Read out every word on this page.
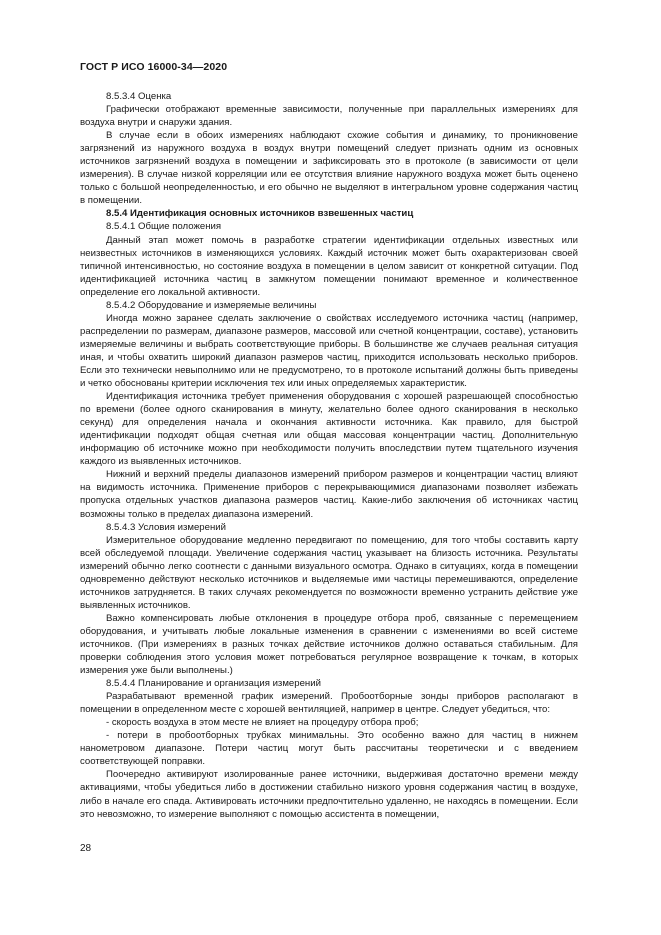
ГОСТ Р ИСО 16000-34—2020

8.5.3.4 Оценка

Графически отображают временные зависимости, полученные при параллельных измерениях для воздуха внутри и снаружи здания.

В случае если в обоих измерениях наблюдают схожие события и динамику, то проникновение загрязнений из наружного воздуха в воздух внутри помещений следует признать одним из основных источников загрязнений воздуха в помещении и зафиксировать это в протоколе (в зависимости от цели измерения). В случае низкой корреляции или ее отсутствия влияние наружного воздуха может быть оценено только с большой неопределенностью, и его обычно не выделяют в интегральном уровне содержания частиц в помещении.

8.5.4 Идентификация основных источников взвешенных частиц

8.5.4.1 Общие положения

Данный этап может помочь в разработке стратегии идентификации отдельных известных или неизвестных источников в изменяющихся условиях. Каждый источник может быть охарактеризован своей типичной интенсивностью, но состояние воздуха в помещении в целом зависит от конкретной ситуации. Под идентификацией источника частиц в замкнутом помещении понимают временное и количественное определение его локальной активности.

8.5.4.2 Оборудование и измеряемые величины

Иногда можно заранее сделать заключение о свойствах исследуемого источника частиц (например, распределении по размерам, диапазоне размеров, массовой или счетной концентрации, составе), установить измеряемые величины и выбрать соответствующие приборы. В большинстве же случаев реальная ситуация иная, и чтобы охватить широкий диапазон размеров частиц, приходится использовать несколько приборов. Если это технически невыполнимо или не предусмотрено, то в протоколе испытаний должны быть приведены и четко обоснованы критерии исключения тех или иных определяемых характеристик.

Идентификация источника требует применения оборудования с хорошей разрешающей способностью по времени (более одного сканирования в минуту, желательно более одного сканирования в несколько секунд) для определения начала и окончания активности источника. Как правило, для быстрой идентификации подходят общая счетная или общая массовая концентрации частиц. Дополнительную информацию об источнике можно при необходимости получить впоследствии путем тщательного изучения каждого из выявленных источников.

Нижний и верхний пределы диапазонов измерений прибором размеров и концентрации частиц влияют на видимость источника. Применение приборов с перекрывающимися диапазонами позволяет избежать пропуска отдельных участков диапазона размеров частиц. Какие-либо заключения об источниках частиц возможны только в пределах диапазона измерений.

8.5.4.3 Условия измерений

Измерительное оборудование медленно передвигают по помещению, для того чтобы составить карту всей обследуемой площади. Увеличение содержания частиц указывает на близость источника. Результаты измерений обычно легко соотнести с данными визуального осмотра. Однако в ситуациях, когда в помещении одновременно действуют несколько источников и выделяемые ими частицы перемешиваются, определение источников затрудняется. В таких случаях рекомендуется по возможности временно устранить действие уже выявленных источников.

Важно компенсировать любые отклонения в процедуре отбора проб, связанные с перемещением оборудования, и учитывать любые локальные изменения в сравнении с изменениями во всей системе источников. (При измерениях в разных точках действие источников должно оставаться стабильным. Для проверки соблюдения этого условия может потребоваться регулярное возвращение к точкам, в которых измерения уже были выполнены.)

8.5.4.4 Планирование и организация измерений

Разрабатывают временной график измерений. Пробоотборные зонды приборов располагают в помещении в определенном месте с хорошей вентиляцией, например в центре. Следует убедиться, что:

- скорость воздуха в этом месте не влияет на процедуру отбора проб;

- потери в пробоотборных трубках минимальны. Это особенно важно для частиц в нижнем нанометровом диапазоне. Потери частиц могут быть рассчитаны теоретически и с введением соответствующей поправки.

Поочередно активируют изолированные ранее источники, выдерживая достаточно времени между активациями, чтобы убедиться либо в достижении стабильно низкого уровня содержания частиц в воздухе, либо в начале его спада. Активировать источники предпочтительно удаленно, не находясь в помещении. Если это невозможно, то измерение выполняют с помощью ассистента в помещении,

28
